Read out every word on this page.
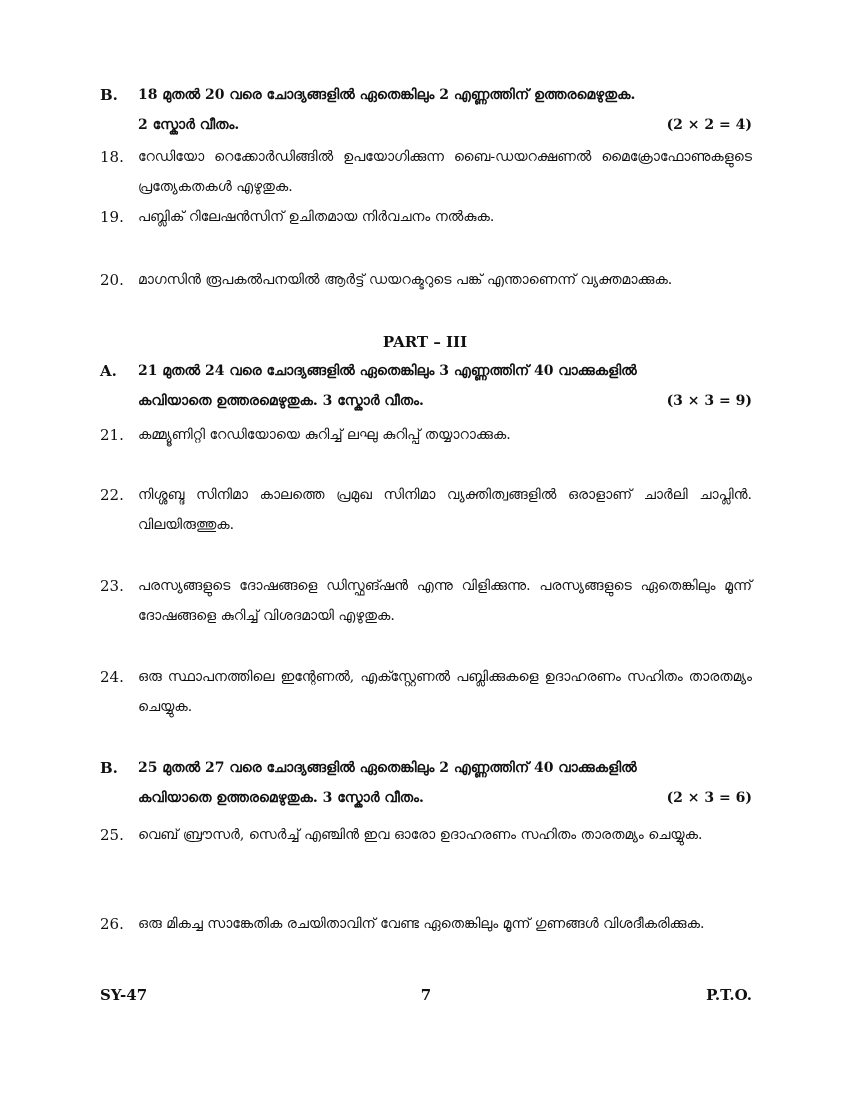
B. 18 മുതൽ 20 വരെ ചോദ്യങ്ങളിൽ ഏതെങ്കിലും 2 എണ്ണത്തിന് ഉത്തരമെഴുതുക.
2 സ്കോർ വീതം.	(2 × 2 = 4)
18. റേഡിയോ റെക്കോർഡിങ്ങിൽ ഉപയോഗിക്കുന്ന ബൈ-ഡയറക്ഷണൽ മൈക്രോഫോണുകളുടെ പ്രത്യേകതകൾ എഴുതുക.
19. പബ്ലിക് റിലേഷൻസിന് ഉചിതമായ നിർവചനം നൽകുക.
20. മാഗസിൻ രൂപകൽപനയിൽ ആർട്ട് ഡയറക്ടറുടെ പങ്ക് എന്താണെന്ന് വ്യക്തമാക്കുക.
PART – III
A. 21 മുതൽ 24 വരെ ചോദ്യങ്ങളിൽ ഏതെങ്കിലും 3 എണ്ണത്തിന് 40 വാക്കുകളിൽ
കവിയാതെ ഉത്തരമെഴുതുക. 3 സ്കോർ വീതം.	(3 × 3 = 9)
21. കമ്മ്യൂണിറ്റി റേഡിയോയെ കുറിച്ച് ലഘു കുറിപ്പ് തയ്യാറാക്കുക.
22. നിശ്ശബ്ദ സിനിമാ കാലത്തെ പ്രമുഖ സിനിമാ വ്യക്തിത്വങ്ങളിൽ ഒരാളാണ് ചാർലി ചാപ്ലിൻ. വിലയിരുത്തുക.
23. പരസ്യങ്ങളുടെ ദോഷങ്ങളെ ഡിസ്ഫങ്ഷൻ എന്നു വിളിക്കുന്നു. പരസ്യങ്ങളുടെ ഏതെങ്കിലും മൂന്ന് ദോഷങ്ങളെ കുറിച്ച് വിശദമായി എഴുതുക.
24. ഒരു സ്ഥാപനത്തിലെ ഇന്റേണൽ, എക്സ്റ്റേണൽ പബ്ലിക്കുകളെ ഉദാഹരണം സഹിതം താരതമ്യം ചെയ്യുക.
B. 25 മുതൽ 27 വരെ ചോദ്യങ്ങളിൽ ഏതെങ്കിലും 2 എണ്ണത്തിന് 40 വാക്കുകളിൽ
കവിയാതെ ഉത്തരമെഴുതുക. 3 സ്കോർ വീതം.	(2 × 3 = 6)
25. വെബ് ബ്രൗസർ, സെർച്ച് എഞ്ചിൻ ഇവ ഓരോ ഉദാഹരണം സഹിതം താരതമ്യം ചെയ്യുക.
26. ഒരു മികച്ച സാങ്കേതിക രചയിതാവിന് വേണ്ട ഏതെങ്കിലും മൂന്ന് ഗുണങ്ങൾ വിശദീകരിക്കുക.
SY-47	7	P.T.O.
